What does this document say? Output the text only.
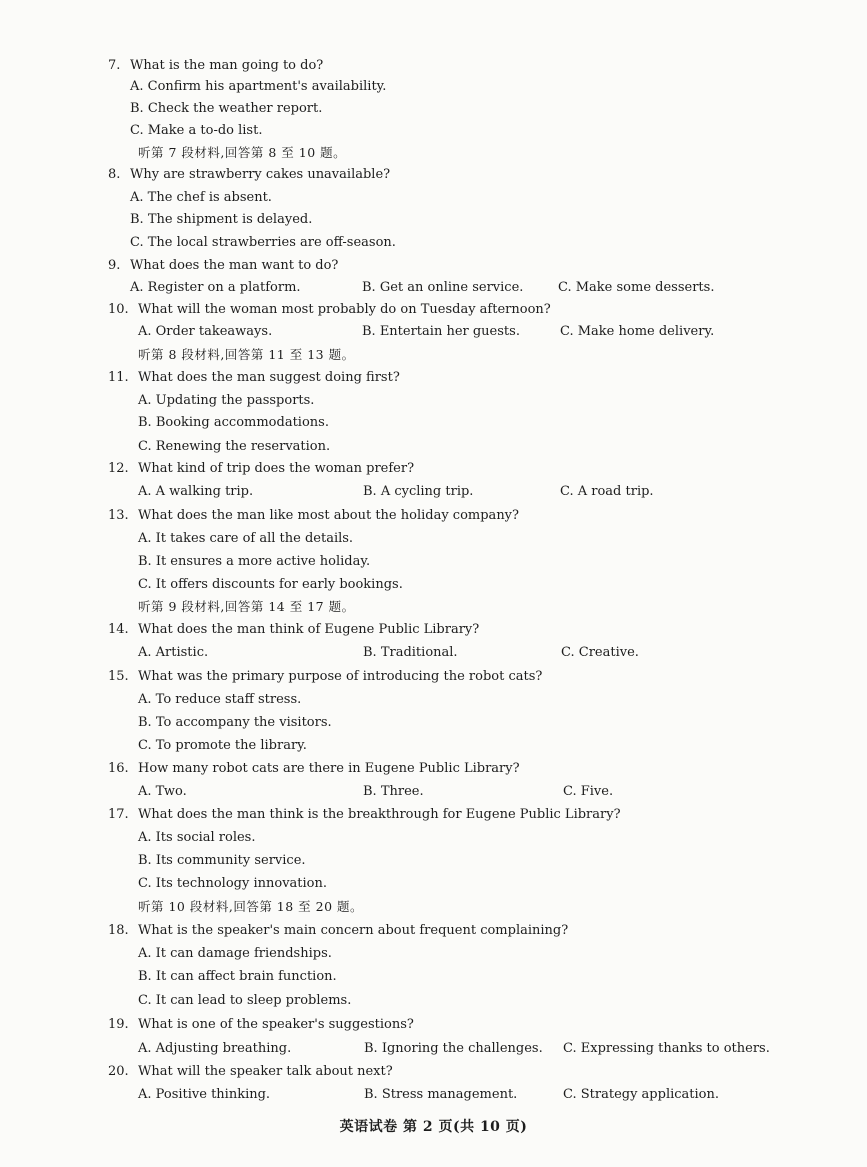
7. What is the man going to do?
A. Confirm his apartment's availability.
B. Check the weather report.
C. Make a to-do list.
听第 7 段材料,回答第 8 至 10 题。
8. Why are strawberry cakes unavailable?
A. The chef is absent.
B. The shipment is delayed.
C. The local strawberries are off-season.
9. What does the man want to do?
A. Register on a platform.	B. Get an online service.	C. Make some desserts.
10. What will the woman most probably do on Tuesday afternoon?
A. Order takeaways.	B. Entertain her guests.	C. Make home delivery.
听第 8 段材料,回答第 11 至 13 题。
11. What does the man suggest doing first?
A. Updating the passports.
B. Booking accommodations.
C. Renewing the reservation.
12. What kind of trip does the woman prefer?
A. A walking trip.	B. A cycling trip.	C. A road trip.
13. What does the man like most about the holiday company?
A. It takes care of all the details.
B. It ensures a more active holiday.
C. It offers discounts for early bookings.
听第 9 段材料,回答第 14 至 17 题。
14. What does the man think of Eugene Public Library?
A. Artistic.	B. Traditional.	C. Creative.
15. What was the primary purpose of introducing the robot cats?
A. To reduce staff stress.
B. To accompany the visitors.
C. To promote the library.
16. How many robot cats are there in Eugene Public Library?
A. Two.	B. Three.	C. Five.
17. What does the man think is the breakthrough for Eugene Public Library?
A. Its social roles.
B. Its community service.
C. Its technology innovation.
听第 10 段材料,回答第 18 至 20 题。
18. What is the speaker's main concern about frequent complaining?
A. It can damage friendships.
B. It can affect brain function.
C. It can lead to sleep problems.
19. What is one of the speaker's suggestions?
A. Adjusting breathing.	B. Ignoring the challenges. C. Expressing thanks to others.
20. What will the speaker talk about next?
A. Positive thinking.	B. Stress management.	C. Strategy application.
英语试卷 第 2 页(共 10 页)
